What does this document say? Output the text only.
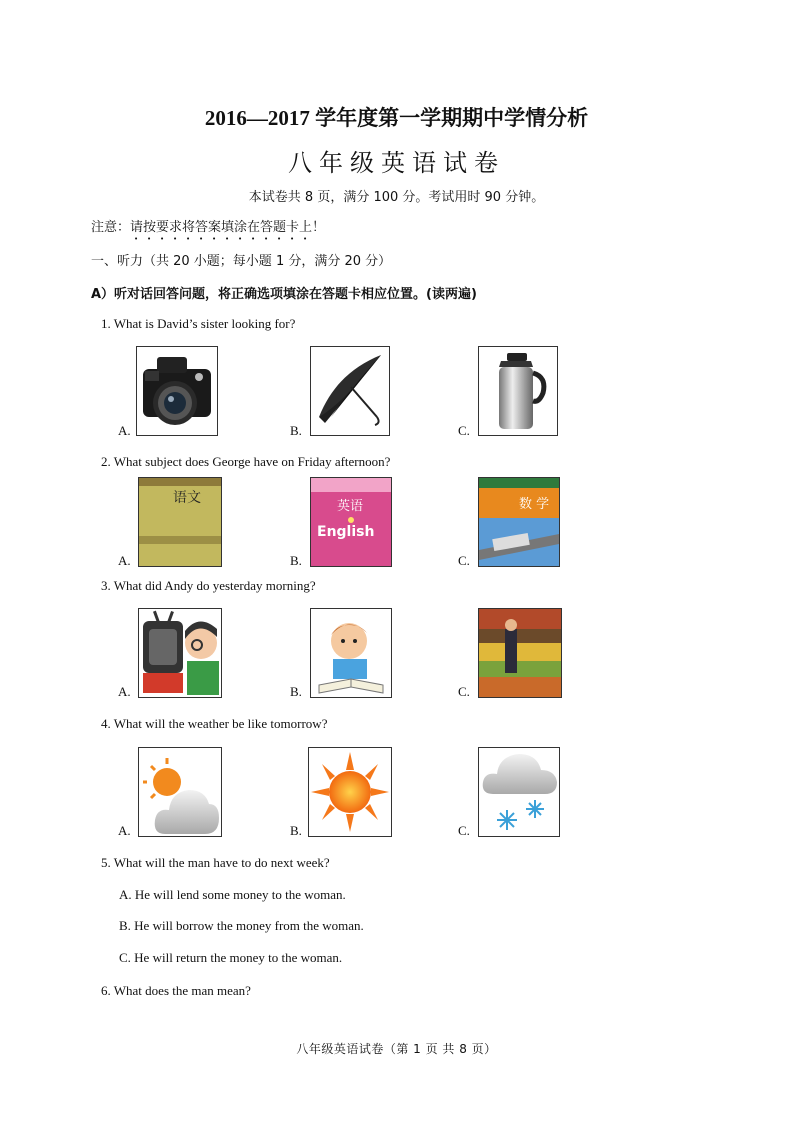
2016—2017 学年度第一学期期中学情分析
八年级英语试卷
本试卷共 8 页，满分 100 分。考试用时 90 分钟。
注意：请按要求将答案填涂在答题卡上！
一、听力（共 20 小题；每小题 1 分，满分 20 分）
A）听对话回答问题，将正确选项填涂在答题卡相应位置。(读两遍)
1. What is David’s sister looking for?
A.	B.	C.
2. What subject does George have on Friday afternoon?
A.
语文
B.
英语
English
C.
数 学
3. What did Andy do yesterday morning?
A.	B.	C.
4. What will the weather be like tomorrow?
A.	B.	C.
5. What will the man have to do next week?
A. He will lend some money to the woman.
B. He will borrow the money from the woman.
C. He will return the money to the woman.
6. What does the man mean?
八年级英语试卷（第 1 页 共 8 页）
